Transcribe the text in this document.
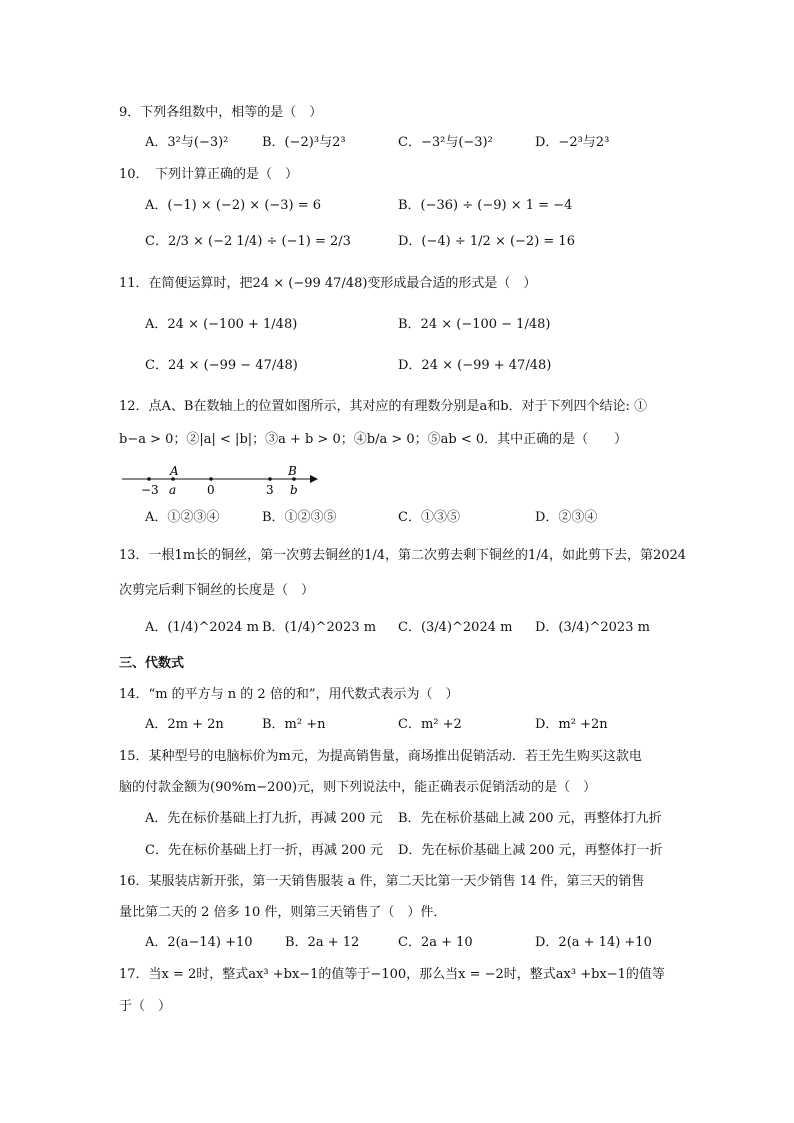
9．下列各组数中，相等的是（　）
A．3²与(−3)²	B．(−2)³与2³	C．−3²与(−3)²	D．−2³与2³
10．　下列计算正确的是（　）
A．(−1) × (−2) × (−3) = 6	B．(−36) ÷ (−9) × 1 = −4
C．2/3 × (−2 1/4) ÷ (−1) = 2/3	D．(−4) ÷ 1/2 × (−2) = 16
11．在简便运算时，把24 × (−99 47/48)变形成最合适的形式是（　）
A．24 × (−100 + 1/48)	B．24 × (−100 − 1/48)
C．24 × (−99 − 47/48)	D．24 × (−99 + 47/48)
12．点A、B在数轴上的位置如图所示，其对应的有理数分别是a和b．对于下列四个结论: ①
b−a > 0；②|a| < |b|；③a + b > 0；④b/a > 0；⑤ab < 0．其中正确的是（　　）
A	B
−3 a	0	3 b
A．①②③④	B．①②③⑤	C．①③⑤	D．②③④
13．一根1m长的铜丝，第一次剪去铜丝的1/4，第二次剪去剩下铜丝的1/4，如此剪下去，第2024
次剪完后剩下铜丝的长度是（　）
A．(1/4)^2024 m B．(1/4)^2023 m C．(3/4)^2024 m D．(3/4)^2023 m
三、代数式
14．“m 的平方与 n 的 2 倍的和”，用代数式表示为（　）
A．2m + 2n	B．m² +n	C．m² +2	D．m² +2n
15．某种型号的电脑标价为m元，为提高销售量，商场推出促销活动．若王先生购买这款电
脑的付款金额为(90%m−200)元，则下列说法中，能正确表示促销活动的是（　）
A．先在标价基础上打九折，再减 200 元 B．先在标价基础上减 200 元，再整体打九折
C．先在标价基础上打一折，再减 200 元 D．先在标价基础上减 200 元，再整体打一折
16．某服装店新开张，第一天销售服装 a 件，第二天比第一天少销售 14 件，第三天的销售
量比第二天的 2 倍多 10 件，则第三天销售了（　）件．
A．2(a−14) +10 B．2a + 12	C．2a + 10	D．2(a + 14) +10
17．当x = 2时，整式ax³ +bx−1的值等于−100，那么当x = −2时，整式ax³ +bx−1的值等
于（　）
